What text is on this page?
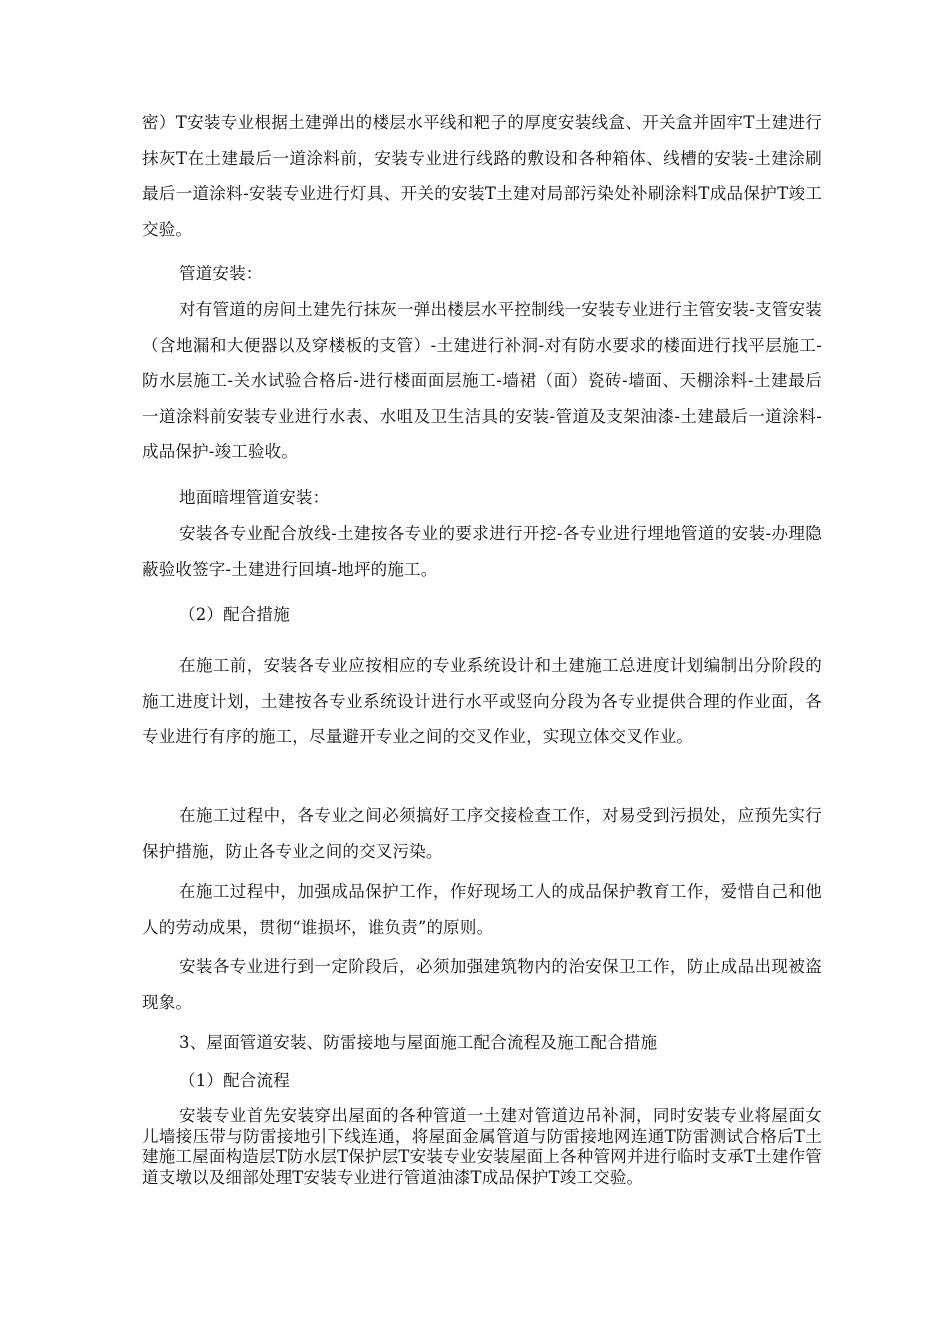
密）T安装专业根据土建弹出的楼层水平线和粑子的厚度安装线盒、开关盒并固牢T土建进行抹灰T在土建最后一道涂料前，安装专业进行线路的敷设和各种箱体、线槽的安装-土建涂刷最后一道涂料-安装专业进行灯具、开关的安装T土建对局部污染处补刷涂料T成品保护T竣工交验。

管道安装：

对有管道的房间土建先行抹灰一弹出楼层水平控制线一安装专业进行主管安装-支管安装（含地漏和大便器以及穿楼板的支管）-土建进行补洞-对有防水要求的楼面进行找平层施工-防水层施工-关水试验合格后-进行楼面面层施工-墙裙（面）瓷砖-墙面、天棚涂料-土建最后一道涂料前安装专业进行水表、水咀及卫生洁具的安装-管道及支架油漆-土建最后一道涂料-成品保护-竣工验收。

地面暗埋管道安装：

安装各专业配合放线-土建按各专业的要求进行开挖-各专业进行埋地管道的安装-办理隐蔽验收签字-土建进行回填-地坪的施工。

（2）配合措施

在施工前，安装各专业应按相应的专业系统设计和土建施工总进度计划编制出分阶段的施工进度计划，土建按各专业系统设计进行水平或竖向分段为各专业提供合理的作业面，各专业进行有序的施工，尽量避开专业之间的交叉作业，实现立体交叉作业。

在施工过程中，各专业之间必须搞好工序交接检查工作，对易受到污损处，应预先实行保护措施，防止各专业之间的交叉污染。

在施工过程中，加强成品保护工作，作好现场工人的成品保护教育工作，爱惜自己和他人的劳动成果，贯彻“谁损坏，谁负责”的原则。

安装各专业进行到一定阶段后，必须加强建筑物内的治安保卫工作，防止成品出现被盗现象。

3、屋面管道安装、防雷接地与屋面施工配合流程及施工配合措施

（1）配合流程

安装专业首先安装穿出屋面的各种管道一土建对管道边吊补洞，同时安装专业将屋面女儿墙接压带与防雷接地引下线连通，将屋面金属管道与防雷接地网连通T防雷测试合格后T土建施工屋面构造层T防水层T保护层T安装专业安装屋面上各种管网并进行临时支承T土建作管道支墩以及细部处理T安装专业进行管道油漆T成品保护T竣工交验。
